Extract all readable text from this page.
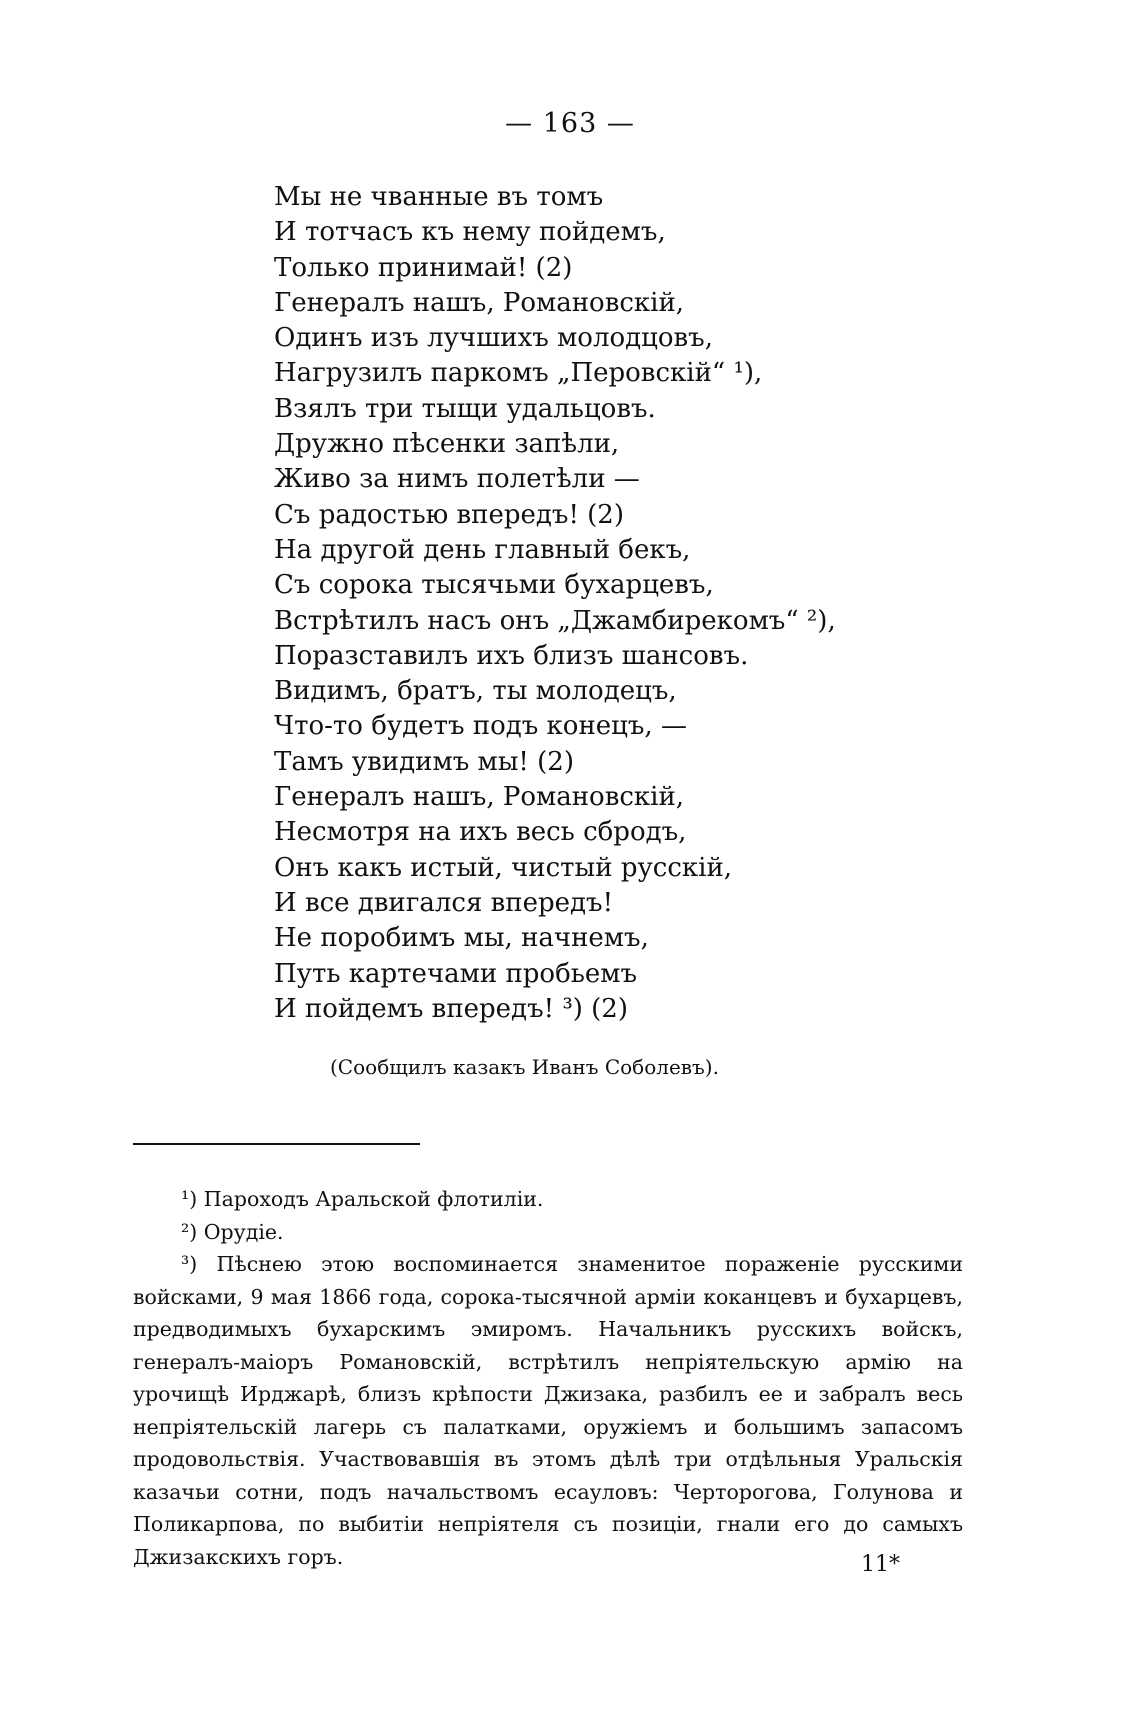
— 163 —
Мы не чванные въ томъ
И тотчасъ къ нему пойдемъ,
Только принимай! (2)
Генералъ нашъ, Романовскій,
Одинъ изъ лучшихъ молодцовъ,
Нагрузилъ паркомъ „Перовскій“ ¹),
Взялъ три тыщи удальцовъ.
Дружно пѣсенки запѣли,
Живо за нимъ полетѣли —
Съ радостью впередъ! (2)
На другой день главный бекъ,
Съ сорока тысячьми бухарцевъ,
Встрѣтилъ насъ онъ „Джамбирекомъ“ ²),
Поразставилъ ихъ близъ шансовъ.
Видимъ, братъ, ты молодецъ,
Что-то будетъ подъ конецъ, —
Тамъ увидимъ мы! (2)
Генералъ нашъ, Романовскій,
Несмотря на ихъ весь сбродъ,
Онъ какъ истый, чистый русскій,
И все двигался впередъ!
Не поробимъ мы, начнемъ,
Путь картечами пробьемъ
И пойдемъ впередъ! ³) (2)
(Сообщилъ казакъ Иванъ Соболевъ).
¹) Пароходъ Аральской флотиліи.
²) Орудіе.
³) Пѣснею этою воспоминается знаменитое пораженіе русскими войсками, 9 мая 1866 года, сорока-тысячной арміи коканцевъ и бухарцевъ, предводимыхъ бухарскимъ эмиромъ. Начальникъ русскихъ войскъ, генералъ-маіоръ Романовскій, встрѣтилъ непріятельскую армію на урочищѣ Ирджарѣ, близъ крѣпости Джизака, разбилъ ее и забралъ весь непріятельскій лагерь съ палатками, оружіемъ и большимъ запасомъ продовольствія. Участвовавшія въ этомъ дѣлѣ три отдѣльныя Уральскія казачьи сотни, подъ начальствомъ есауловъ: Черторогова, Голунова и Поликарпова, по выбитіи непріятеля съ позиціи, гнали его до самыхъ Джизакскихъ горъ.	11*
